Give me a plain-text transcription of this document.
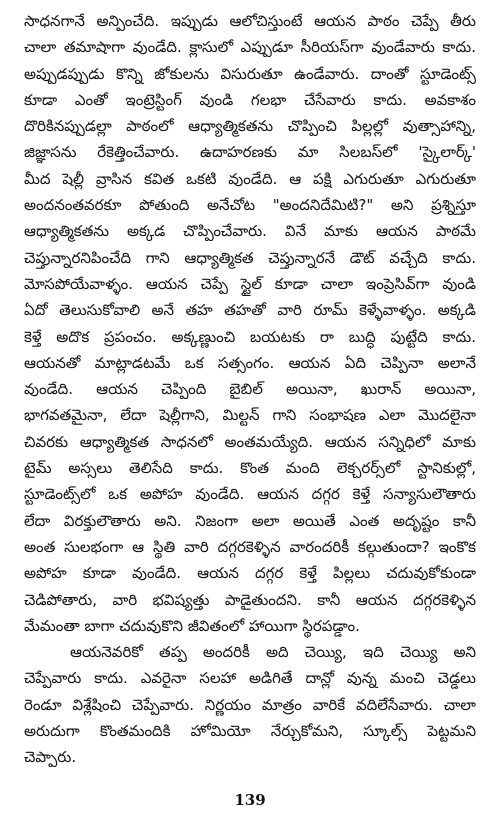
సాధనగానే అన్పించేది. ఇప్పుడు ఆలోచిస్తుంటే ఆయన పాఠం చెప్పే తీరు
చాలా తమాషాగా వుండేది. క్లాసులో ఎప్పుడూ సీరియస్‌గా వుండేవారు కాదు.
అప్పుడప్పుడు కొన్ని జోకులను విసురుతూ ఉండేవారు. దాంతో స్టూడెంట్స్
కూడా ఎంతో ఇంట్రెస్టింగ్ వుండి గలభా చేసేవారు కాదు. అవకాశం
దొరికినప్పుడల్లా పాఠంలో ఆధ్యాత్మికతను చొప్పించి పిల్లల్లో వుత్సాహాన్ని,
జిజ్ఞాసను రేకెత్తించేవారు. ఉదాహరణకు మా సిలబస్‌లో 'స్కైలార్క్'
మీద షెల్లీ వ్రాసిన కవిత ఒకటి వుండేది. ఆ పక్షి ఎగురుతూ ఎగురుతూ
అందనంతవరకూ పోతుంది అనేచోట "అందనిదేమిటి?" అని ప్రశ్నిస్తూ
ఆధ్యాత్మికతను అక్కడ చొప్పించేవారు. వినే మాకు ఆయన పాఠమే
చెప్తున్నారనిపించేది గాని ఆధ్యాత్మికత చెప్తున్నారనే డౌట్ వచ్చేది కాదు.
మోసపోయేవాళ్ళం. ఆయన చెప్పే స్టైల్ కూడా చాలా ఇంప్రెసివ్‌గా వుండి
ఏదో తెలుసుకోవాలి అనే తహ తహతో వారి రూమ్ కెళ్ళేవాళ్ళం. అక్కడి
కెళ్తే అదొక ప్రపంచం. అక్కణ్ణుంచి బయటకు రా బుద్ధి పుట్టేది కాదు.
ఆయనతో మాట్లాడటమే ఒక సత్సంగం. ఆయన ఏది చెప్పినా అలానే
వుండేది. ఆయన చెప్పింది బైబిల్ అయినా, ఖురాన్ అయినా,
భాగవతమైనా, లేదా షెల్లీగాని, మిల్టన్ గాని సంభాషణ ఎలా మొదలైనా
చివరకు ఆధ్యాత్మికత సాధనలో అంతమయ్యేది. ఆయన సన్నిధిలో మాకు
టైమ్ అస్సలు తెలిసేది కాదు. కొంత మంది లెక్చరర్స్‌లో స్టానికుల్లో,
స్టూడెంట్స్‌లో ఒక అపోహ వుండేది. ఆయన దగ్గర కెళ్తే సన్యాసులౌతారు
లేదా విరక్తులౌతారు అని. నిజంగా అలా అయితే ఎంత అదృష్టం కానీ
అంత సులభంగా ఆ స్థితి వారి దగ్గరకెళ్ళిన వారందరికీ కల్గుతుందా? ఇంకొక
అపోహ కూడా వుండేది. ఆయన దగ్గర కెళ్తే పిల్లలు చదువుకోకుండా
చెడిపోతారు, వారి భవిష్యత్తు పాడైతుందని. కానీ ఆయన దగ్గరకెళ్ళిన
మేమంతా బాగా చదువుకొని జీవితంలో హాయిగా స్థిరపడ్డాం.
ఆయనెవరికో తప్ప అందరికీ అది చెయ్యి, ఇది చెయ్యి అని
చెప్పేవారు కాదు. ఎవరైనా సలహా అడిగితే దాన్లో వున్న మంచి చెడ్డలు
రెండూ విశ్లేషించి చెప్పేవారు. నిర్ణయం మాత్రం వారికే వదిలేసేవారు. చాలా
అరుదుగా కొంతమందికి హోమియో నేర్చుకోమని, స్కూల్స్ పెట్టమని
చెప్పారు.
139
